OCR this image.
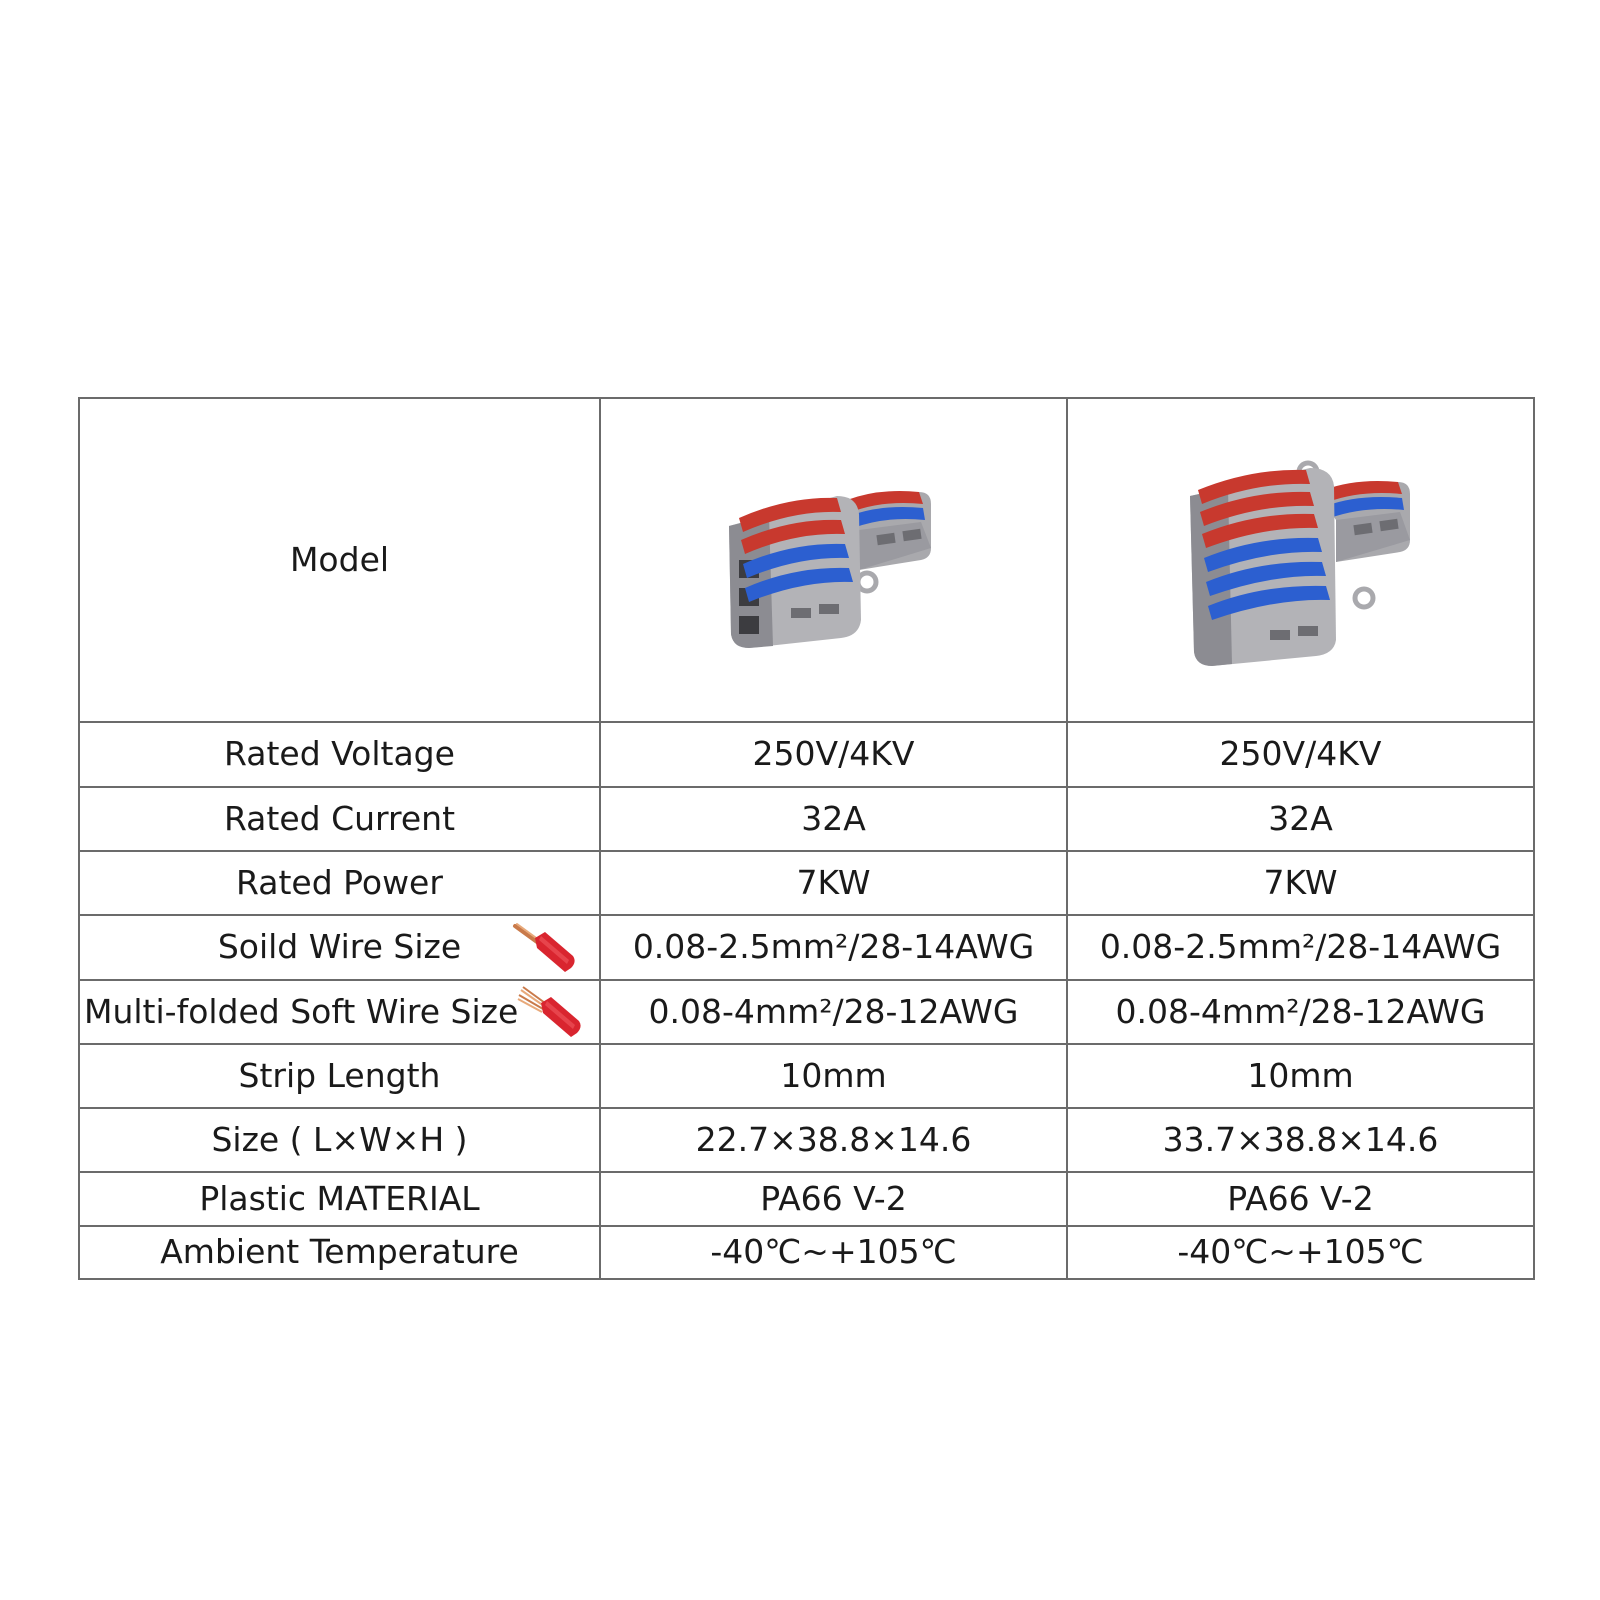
Model	

Rated Voltage	250V/4KV	250V/4KV
Rated Current	32A	32A
Rated Power	7KW	7KW

Soild Wire Size	0.08-2.5mm²/28-14AWG	0.08-2.5mm²/28-14AWG

Multi-folded Soft Wire Size	0.08-4mm²/28-12AWG	0.08-4mm²/28-12AWG
Strip Length	10mm	10mm
Size ( L×W×H )	22.7×38.8×14.6	33.7×38.8×14.6
Plastic MATERIAL	PA66 V-2	PA66 V-2
Ambient Temperature	-40℃~+105℃	-40℃~+105℃
